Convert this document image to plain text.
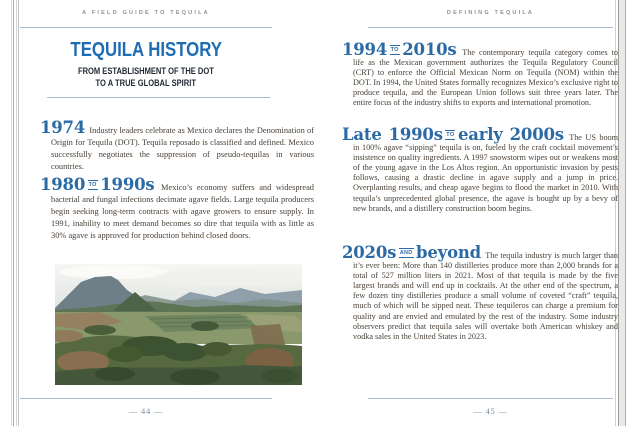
A FIELD GUIDE TO TEQUILA	DEFINING TEQUILA
TEQUILA HISTORY
FROM ESTABLISHMENT OF THE DOT
TO A TRUE GLOBAL SPIRIT

1974 Industry leaders celebrate as Mexico declares the Denomination of Origin for Tequila (DOT). Tequila reposado is classified and defined. Mexico successfully negotiates the suppression of pseudo-tequilas in various countries.

1980 $^{TO}$ 1990s Mexico’s economy suffers and widespread bacterial and fungal infections decimate agave fields. Large tequila producers begin seeking long-term contracts with agave growers to ensure supply. In 1991, inability to meet demand becomes so dire that tequila with as little as 30% agave is approved for production behind closed doors.

1994 $^{TO}$ 2010s The contemporary tequila category comes to life as the Mexican government authorizes the Tequila Regulatory Council (CRT) to enforce the Official Mexican Norm on Tequila (NOM) within the DOT. In 1994, the United States formally recognizes Mexico’s exclusive right to produce tequila, and the European Union follows suit three years later. The entire focus of the industry shifts to exports and international promotion.

Late 1990s $^{TO}$ early 2000s The US boom in 100% agave “sipping” tequila is on, fueled by the craft cocktail movement’s insistence on quality ingredients. A 1997 snowstorm wipes out or weakens most of the young agave in the Los Altos region. An opportunistic invasion by pests follows, causing a drastic decline in agave supply and a jump in price. Overplanting results, and cheap agave begins to flood the market in 2010. With tequila’s unprecedented global presence, the agave is bought up by a bevy of new brands, and a distillery construction boom begins.

2020s $^{AND}$ beyond The tequila industry is much larger than it’s ever been: More than 140 distilleries produce more than 2,000 brands for a total of 527 million liters in 2021. Most of that tequila is made by the five largest brands and will end up in cocktails. At the other end of the spectrum, a few dozen tiny distilleries produce a small volume of coveted “craft” tequila, much of which will be sipped neat. These tequileros can charge a premium for quality and are envied and emulated by the rest of the industry. Some industry observers predict that tequila sales will overtake both American whiskey and vodka sales in the United States in 2023.

— 44 —	— 45 —
